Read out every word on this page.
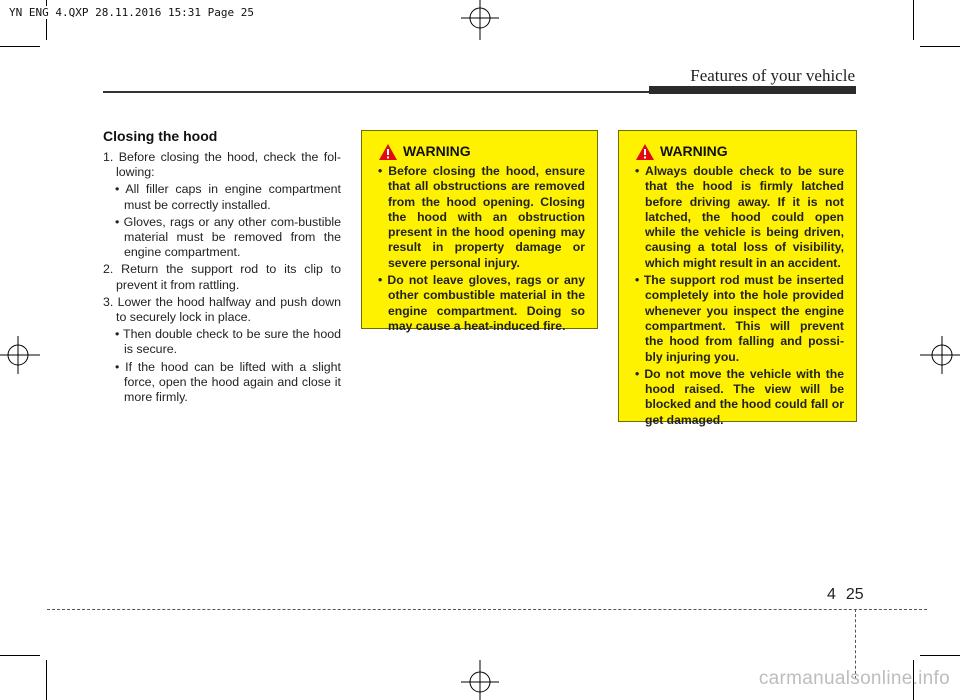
YN ENG 4.QXP 28.11.2016 15:31 Page 25
Features of your vehicle
Closing the hood

1. Before closing the hood, check the fol-lowing:

• All filler caps in engine compartment must be correctly installed.

• Gloves, rags or any other com-bustible material must be removed from the engine compartment.

2. Return the support rod to its clip to prevent it from rattling.

3. Lower the hood halfway and push down to securely lock in place.

• Then double check to be sure the hood is secure.

• If the hood can be lifted with a slight force, open the hood again and close it more firmly.

WARNING
• Before closing the hood, ensure that all obstructions are removed from the hood opening. Closing the hood with an obstruction present in the hood opening may result in property damage or severe personal injury.
• Do not leave gloves, rags or any other combustible material in the engine compartment. Doing so may cause a heat-induced fire.
WARNING
• Always double check to be sure that the hood is firmly latched before driving away. If it is not latched, the hood could open while the vehicle is being driven, causing a total loss of visibility, which might result in an accident.
• The support rod must be inserted completely into the hole provided whenever you inspect the engine compartment. This will prevent the hood from falling and possi-bly injuring you.
• Do not move the vehicle with the hood raised. The view will be blocked and the hood could fall or get damaged.
4 25
carmanualsonline.info
